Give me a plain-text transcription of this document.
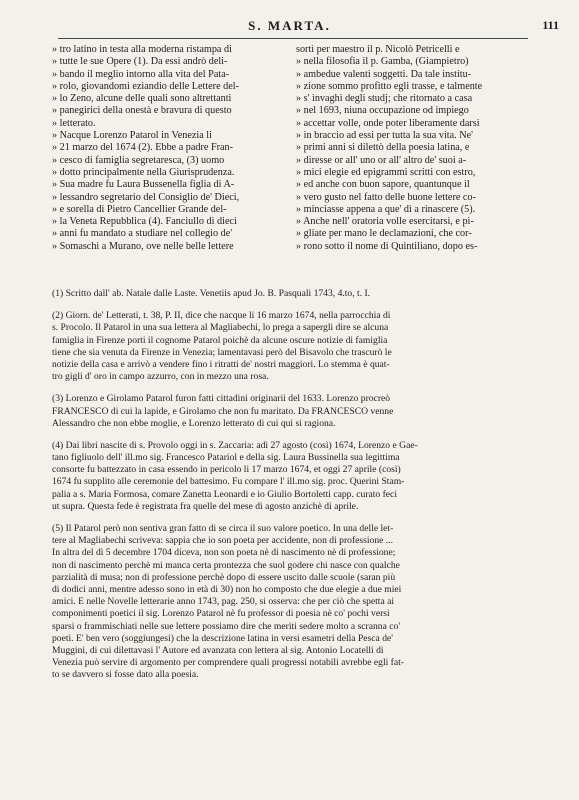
S. MARTA.	111
» tro latino in testa alla moderna ristampa di
» tutte le sue Opere (1). Da essi andrò deli-
» bando il meglio intorno alla vita del Pata-
» rolo, giovandomi eziandio delle Lettere del-
» lo Zeno, alcune delle quali sono altrettanti
» panegirici della onestà e bravura di questo
» letterato.
» Nacque Lorenzo Patarol in Venezia li
» 21 marzo del 1674 (2). Ebbe a padre Fran-
» cesco di famiglia segretaresca, (3) uomo
» dotto principalmente nella Giurisprudenza.
» Sua madre fu Laura Bussenella figlia di A-
» lessandro segretario del Consiglio de' Dieci,
» e sorella di Pietro Cancellier Grande del-
» la Veneta Repubblica (4). Fanciullo di dieci
» anni fu mandato a studiare nel collegio de'
» Somaschi a Murano, ove nelle belle lettere
sortì per maestro il p. Nicolò Petricelli e
» nella filosofia il p. Gamba, (Giampietro)
» ambedue valenti soggetti. Da tale institu-
» zione sommo profitto egli trasse, e talmente
» s' invaghì degli studj; che ritornato a casa
» nel 1693, niuna occupazione od impiego
» accettar volle, onde poter liberamente darsi
» in braccio ad essi per tutta la sua vita. Ne'
» primi anni si dilettò della poesia latina, e
» diresse or all' uno or all' altro de' suoi a-
» mici elegie ed epigrammi scritti con estro,
» ed anche con buon sapore, quantunque il
» vero gusto nel fatto delle buone lettere co-
» minciasse appena a que' dì a rinascere (5).
» Anche nell' oratoria volle esercitarsi, e pi-
» gliate per mano le declamazioni, che cor-
» rono sotto il nome di Quintiliano, dopo es-
(1) Scritto dall' ab. Natale dalle Laste. Venetiis apud Jo. B. Pasquali 1743, 4.to, t. I.
(2) Giorn. de' Letterati, t. 38, P. II, dice che nacque li 16 marzo 1674, nella parrocchia di
s. Procolo. Il Patarol in una sua lettera al Magliabechi, lo prega a sapergli dire se alcuna
famiglia in Firenze porti il cognome Patarol poichè da alcune oscure notizie di famiglia
tiene che sia venuta da Firenze in Venezia; lamentavasi però del Bisavolo che trascurò le
notizie della casa e arrivò a vendere fino i ritratti de' nostri maggiori. Lo stemma è quat-
tro gigli d' oro in campo azzurro, con in mezzo una rosa.
(3) Lorenzo e Girolamo Patarol furon fatti cittadini originarii del 1633. Lorenzo procreò
FRANCESCO di cui la lapide, e Girolamo che non fu maritato. Da FRANCESCO venne
Alessandro che non ebbe moglie, e Lorenzo letterato di cui qui si ragiona.
(4) Dai libri nascite di s. Provolo oggi in s. Zaccaria: adì 27 agosto (così) 1674, Lorenzo e Gae-
tano figliuolo dell' ill.mo sig. Francesco Patariol e della sig. Laura Bussinella sua legittima
consorte fu battezzato in casa essendo in pericolo li 17 marzo 1674, et oggi 27 aprile (così)
1674 fu supplito alle ceremonie del battesimo. Fu compare l' ill.mo sig. proc. Querini Stam-
palia a s. Maria Formosa, comare Zanetta Leonardi e io Giulio Bortoletti capp. curato feci
ut supra. Questa fede è registrata fra quelle del mese di agosto anzichè di aprile.
(5) Il Patarol però non sentiva gran fatto di se circa il suo valore poetico. In una delle let-
tere al Magliabechi scriveva: sappia che io son poeta per accidente, non di professione ...
In altra del dì 5 decembre 1704 diceva, non son poeta nè di nascimento nè di professione;
non di nascimento perchè mi manca certa prontezza che suol godere chi nasce con qualche
parzialità di musa; non di professione perchè dopo di essere uscito dalle scuole (saran più
di dodici anni, mentre adesso sono in età di 30) non ho composto che due elegie a due miei
amici. E nelle Novelle letterarie anno 1743, pag. 250, si osserva: che per ciò che spetta ai
componimenti poetici il sig. Lorenzo Patarol nè fu professor di poesia nè co' pochi versi
sparsi o frammischiati nelle sue lettere possiamo dire che meriti sedere molto a scranna co'
poeti. E' ben vero (soggiungesi) che la descrizione latina in versi esametri della Pesca de'
Muggini, di cui dilettavasi l' Autore ed avanzata con lettera al sig. Antonio Locatelli di
Venezia può servire di argomento per comprendere quali progressi notabili avrebbe egli fat-
to se davvero si fosse dato alla poesia.
